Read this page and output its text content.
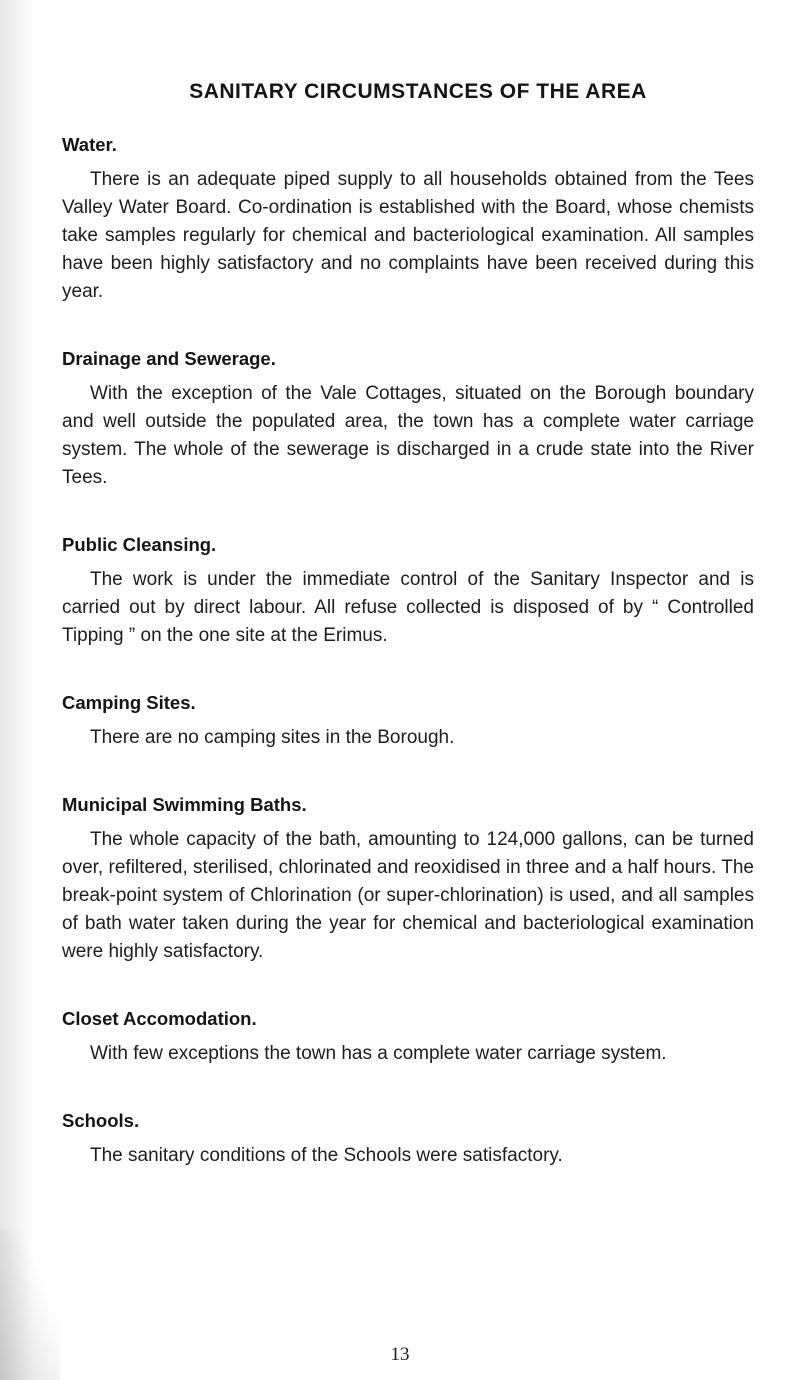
SANITARY CIRCUMSTANCES OF THE AREA
Water.

There is an adequate piped supply to all households obtained from the Tees Valley Water Board. Co-ordination is established with the Board, whose chemists take samples regularly for chemical and bacteriological examination. All samples have been highly satisfactory and no complaints have been received during this year.

Drainage and Sewerage.

With the exception of the Vale Cottages, situated on the Borough boundary and well outside the populated area, the town has a complete water carriage system. The whole of the sewerage is discharged in a crude state into the River Tees.

Public Cleansing.

The work is under the immediate control of the Sanitary Inspector and is carried out by direct labour. All refuse collected is disposed of by “ Controlled Tipping ” on the one site at the Erimus.

Camping Sites.

There are no camping sites in the Borough.

Municipal Swimming Baths.

The whole capacity of the bath, amounting to 124,000 gallons, can be turned over, refiltered, sterilised, chlorinated and reoxidised in three and a half hours. The break-point system of Chlorination (or super-chlorination) is used, and all samples of bath water taken during the year for chemical and bacteriological examination were highly satisfactory.

Closet Accomodation.

With few exceptions the town has a complete water carriage system.

Schools.

The sanitary conditions of the Schools were satisfactory.

13
